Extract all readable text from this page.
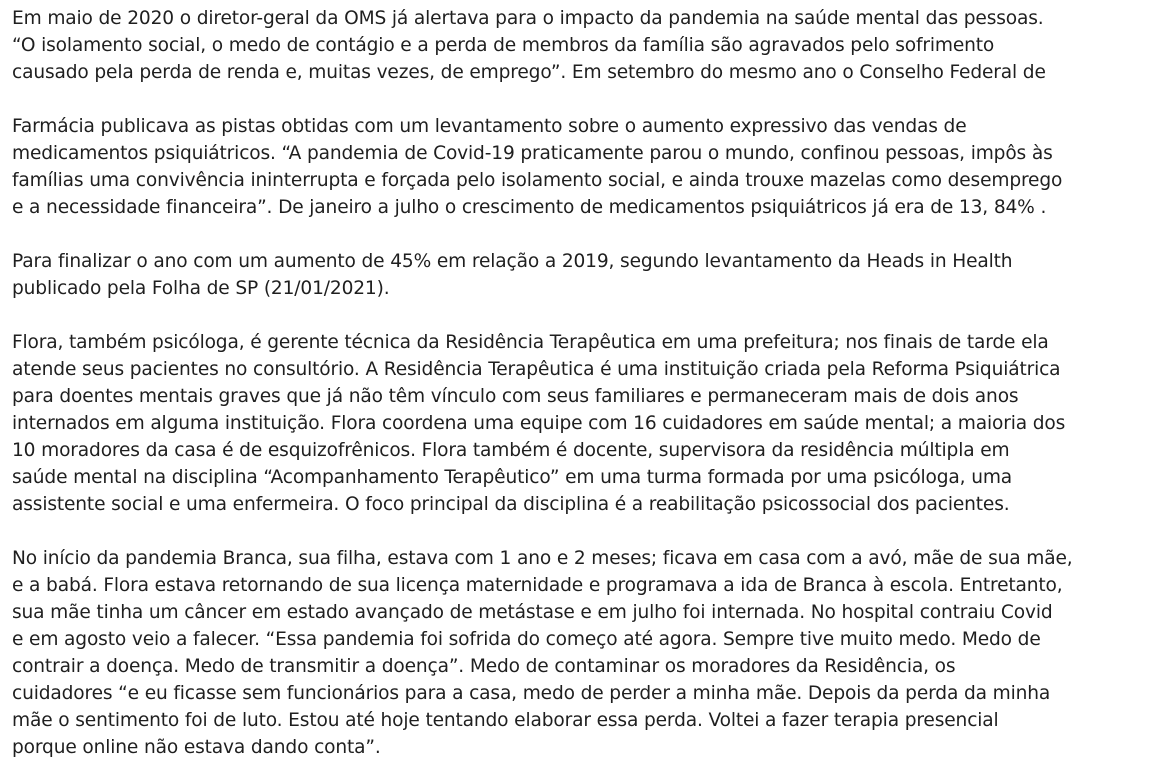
Em maio de 2020 o diretor-geral da OMS já alertava para o impacto da pandemia na saúde mental das pessoas.
“O isolamento social, o medo de contágio e a perda de membros da família são agravados pelo sofrimento
causado pela perda de renda e, muitas vezes, de emprego”. Em setembro do mesmo ano o Conselho Federal de
Farmácia publicava as pistas obtidas com um levantamento sobre o aumento expressivo das vendas de
medicamentos psiquiátricos. “A pandemia de Covid-19 praticamente parou o mundo, confinou pessoas, impôs às
famílias uma convivência ininterrupta e forçada pelo isolamento social, e ainda trouxe mazelas como desemprego
e a necessidade financeira”. De janeiro a julho o crescimento de medicamentos psiquiátricos já era de 13, 84% .
Para finalizar o ano com um aumento de 45% em relação a 2019, segundo levantamento da Heads in Health
publicado pela Folha de SP (21/01/2021).
Flora, também psicóloga, é gerente técnica da Residência Terapêutica em uma prefeitura; nos finais de tarde ela
atende seus pacientes no consultório. A Residência Terapêutica é uma instituição criada pela Reforma Psiquiátrica
para doentes mentais graves que já não têm vínculo com seus familiares e permaneceram mais de dois anos
internados em alguma instituição. Flora coordena uma equipe com 16 cuidadores em saúde mental; a maioria dos
10 moradores da casa é de esquizofrênicos. Flora também é docente, supervisora da residência múltipla em
saúde mental na disciplina “Acompanhamento Terapêutico” em uma turma formada por uma psicóloga, uma
assistente social e uma enfermeira. O foco principal da disciplina é a reabilitação psicossocial dos pacientes.
No início da pandemia Branca, sua filha, estava com 1 ano e 2 meses; ficava em casa com a avó, mãe de sua mãe,
e a babá. Flora estava retornando de sua licença maternidade e programava a ida de Branca à escola. Entretanto,
sua mãe tinha um câncer em estado avançado de metástase e em julho foi internada. No hospital contraiu Covid
e em agosto veio a falecer. “Essa pandemia foi sofrida do começo até agora. Sempre tive muito medo. Medo de
contrair a doença. Medo de transmitir a doença”. Medo de contaminar os moradores da Residência, os
cuidadores “e eu ficasse sem funcionários para a casa, medo de perder a minha mãe. Depois da perda da minha
mãe o sentimento foi de luto. Estou até hoje tentando elaborar essa perda. Voltei a fazer terapia presencial
porque online não estava dando conta”.
